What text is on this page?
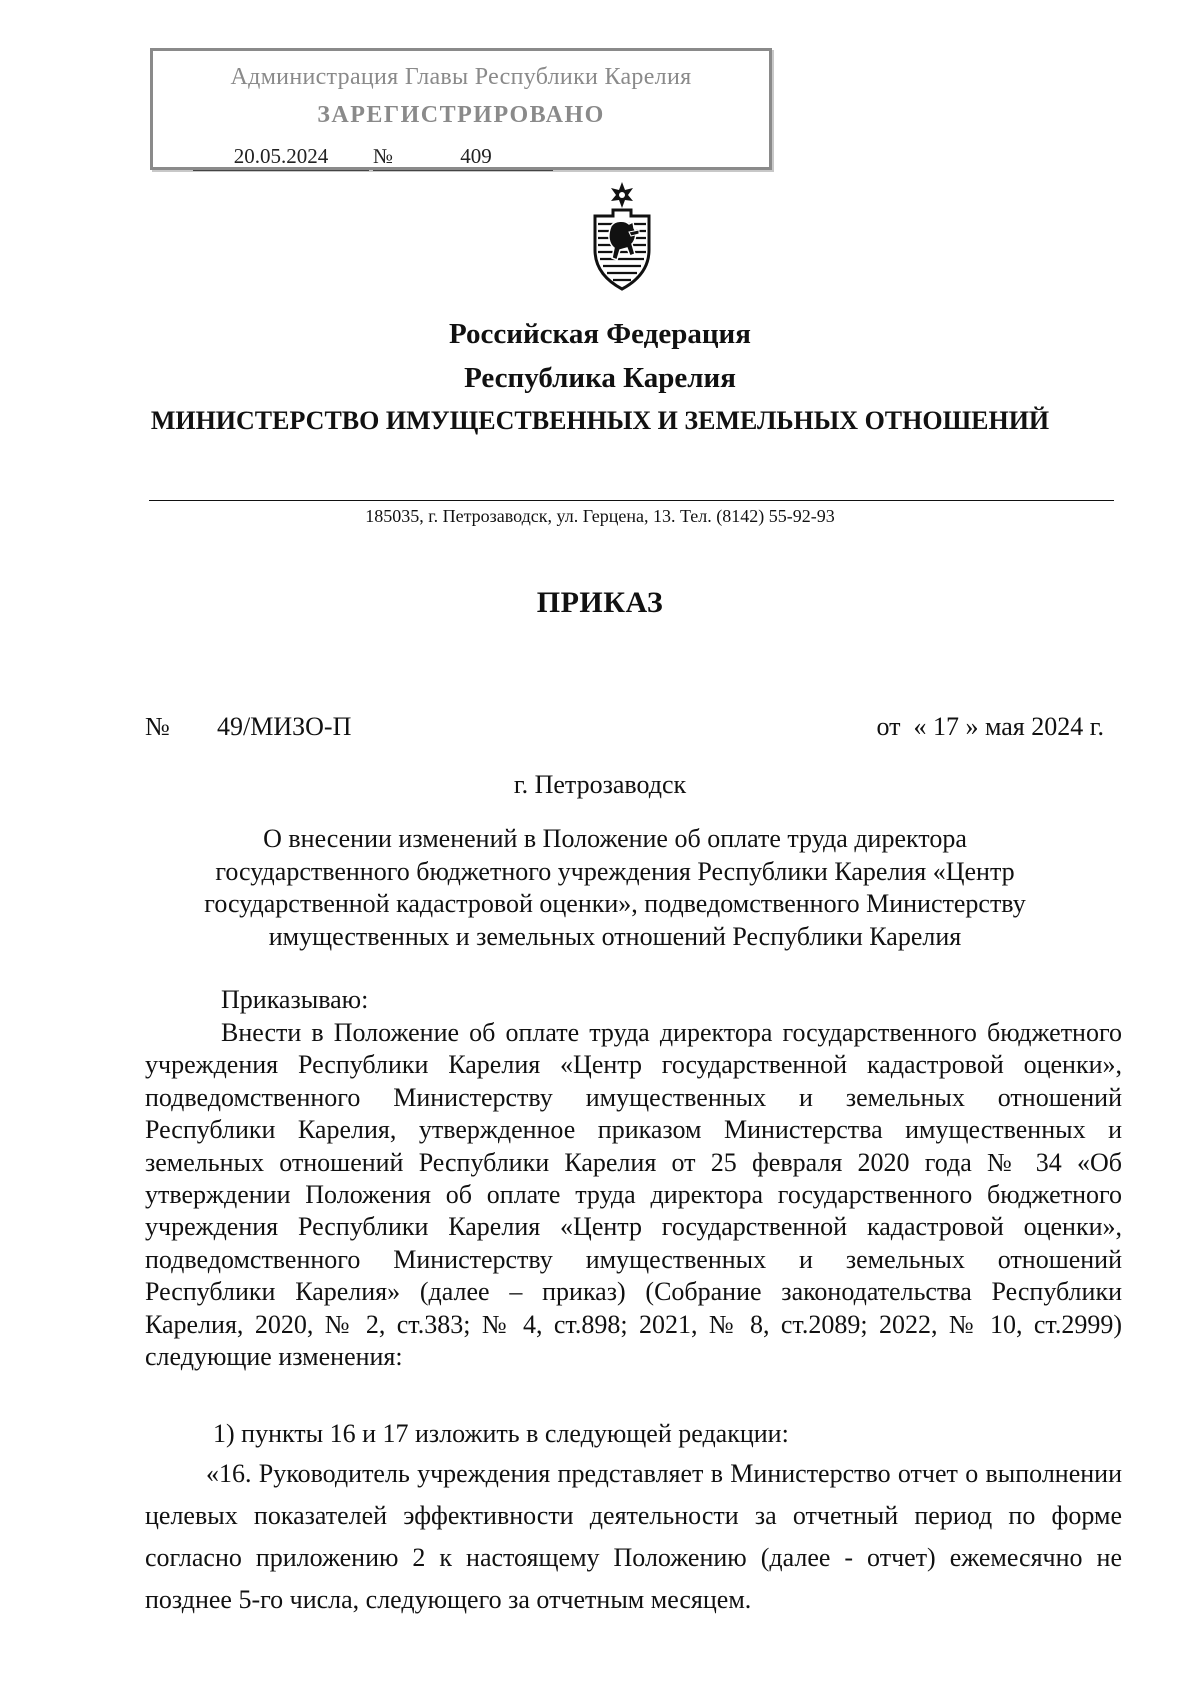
Администрация Главы Республики Карелия
ЗАРЕГИСТРИРОВАНО
20.05.2024	№	409
Российская Федерация
Республика Карелия
МИНИСТЕРСТВО ИМУЩЕСТВЕННЫХ И ЗЕМЕЛЬНЫХ ОТНОШЕНИЙ
185035, г. Петрозаводск, ул. Герцена, 13. Тел. (8142) 55-92-93
ПРИКАЗ
№ 49/МИЗО-П	от  « 17 » мая 2024 г.
г. Петрозаводск
О внесении изменений в Положение об оплате труда директора государственного бюджетного учреждения Республики Карелия «Центр государственной кадастровой оценки», подведомственного Министерству имущественных и земельных отношений Республики Карелия
Приказываю:
Внести в Положение об оплате труда директора государственного бюджетного учреждения Республики Карелия «Центр государственной кадастровой оценки», подведомственного Министерству имущественных и земельных отношений Республики Карелия, утвержденное приказом Министерства имущественных и земельных отношений Республики Карелия от 25 февраля 2020 года № 34 «Об утверждении Положения об оплате труда директора государственного бюджетного учреждения Республики Карелия «Центр государственной кадастровой оценки», подведомственного Министерству имущественных и земельных отношений Республики Карелия» (далее – приказ) (Собрание законодательства Республики Карелия, 2020, № 2, ст.383; № 4, ст.898; 2021, № 8, ст.2089; 2022, № 10, ст.2999) следующие изменения:
1) пункты 16 и 17 изложить в следующей редакции:
«16. Руководитель учреждения представляет в Министерство отчет о выполнении целевых показателей эффективности деятельности за отчетный период по форме согласно приложению 2 к настоящему Положению (далее - отчет) ежемесячно не позднее 5-го числа, следующего за отчетным месяцем.
